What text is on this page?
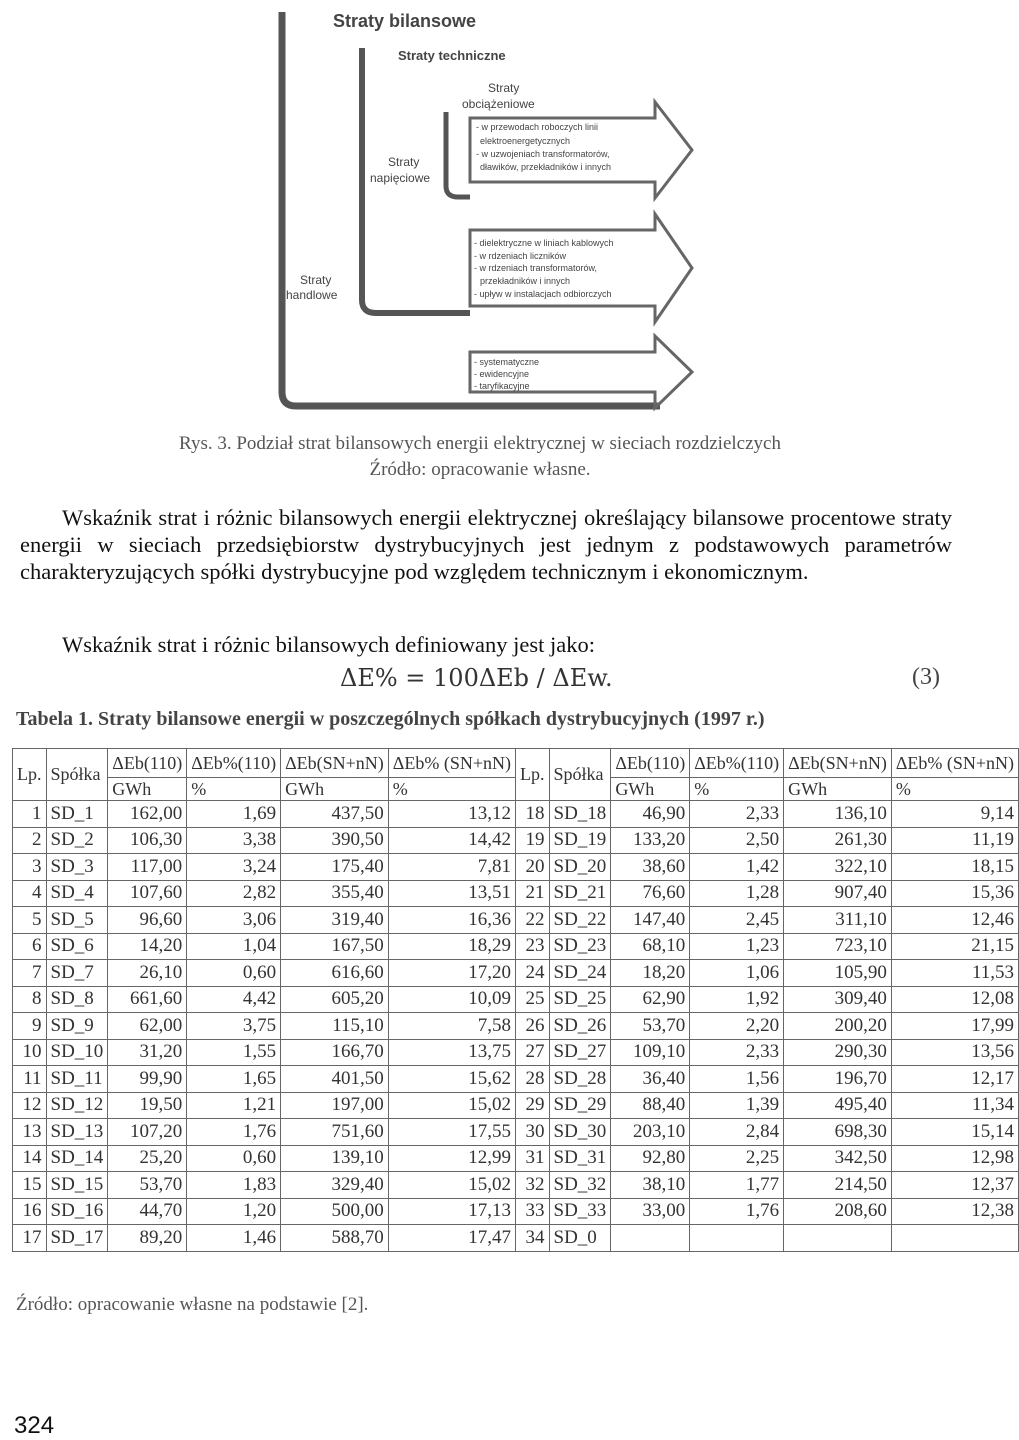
Straty bilansowe
Straty techniczne
Straty
obciążeniowe
Straty
napięciowe
Straty
handlowe
- w przewodach roboczych linii
elektroenergetycznych
- w uzwojeniach transformatorów,
dławików, przekładników i innych
- dielektryczne w liniach kablowych
- w rdzeniach liczników
- w rdzeniach transformatorów,
przekładników i innych
- upływ w instalacjach odbiorczych
- systematyczne
- ewidencyjne
- taryfikacyjne
Rys. 3. Podział strat bilansowych energii elektrycznej w sieciach rozdzielczych
Źródło: opracowanie własne.
Wskaźnik strat i różnic bilansowych energii elektrycznej określający bilansowe procentowe straty energii w sieciach przedsiębiorstw dystrybucyjnych jest jednym z podstawowych parametrów charakteryzujących spółki dystrybucyjne pod względem technicznym i ekonomicznym.
Wskaźnik strat i różnic bilansowych definiowany jest jako:
ΔE% = 100ΔEb / ΔEw.	(3)
Tabela 1. Straty bilansowe energii w poszczególnych spółkach dystrybucyjnych (1997 r.)
Lp.	Spółka	ΔEb(110)	ΔEb%(110)	ΔEb(SN+nN)	ΔEb% (SN+nN)	Lp.	Spółka	ΔEb(110)	ΔEb%(110)	ΔEb(SN+nN)	ΔEb% (SN+nN)
		GWh	%	GWh	%			GWh	%	GWh	%
1	SD_1	162,00	1,69	437,50	13,12	18	SD_18	46,90	2,33	136,10	9,14
2	SD_2	106,30	3,38	390,50	14,42	19	SD_19	133,20	2,50	261,30	11,19
3	SD_3	117,00	3,24	175,40	7,81	20	SD_20	38,60	1,42	322,10	18,15
4	SD_4	107,60	2,82	355,40	13,51	21	SD_21	76,60	1,28	907,40	15,36
5	SD_5	96,60	3,06	319,40	16,36	22	SD_22	147,40	2,45	311,10	12,46
6	SD_6	14,20	1,04	167,50	18,29	23	SD_23	68,10	1,23	723,10	21,15
7	SD_7	26,10	0,60	616,60	17,20	24	SD_24	18,20	1,06	105,90	11,53
8	SD_8	661,60	4,42	605,20	10,09	25	SD_25	62,90	1,92	309,40	12,08
9	SD_9	62,00	3,75	115,10	7,58	26	SD_26	53,70	2,20	200,20	17,99
10	SD_10	31,20	1,55	166,70	13,75	27	SD_27	109,10	2,33	290,30	13,56
11	SD_11	99,90	1,65	401,50	15,62	28	SD_28	36,40	1,56	196,70	12,17
12	SD_12	19,50	1,21	197,00	15,02	29	SD_29	88,40	1,39	495,40	11,34
13	SD_13	107,20	1,76	751,60	17,55	30	SD_30	203,10	2,84	698,30	15,14
14	SD_14	25,20	0,60	139,10	12,99	31	SD_31	92,80	2,25	342,50	12,98
15	SD_15	53,70	1,83	329,40	15,02	32	SD_32	38,10	1,77	214,50	12,37
16	SD_16	44,70	1,20	500,00	17,13	33	SD_33	33,00	1,76	208,60	12,38
17	SD_17	89,20	1,46	588,70	17,47	34	SD_0				
Źródło: opracowanie własne na podstawie [2].
324
